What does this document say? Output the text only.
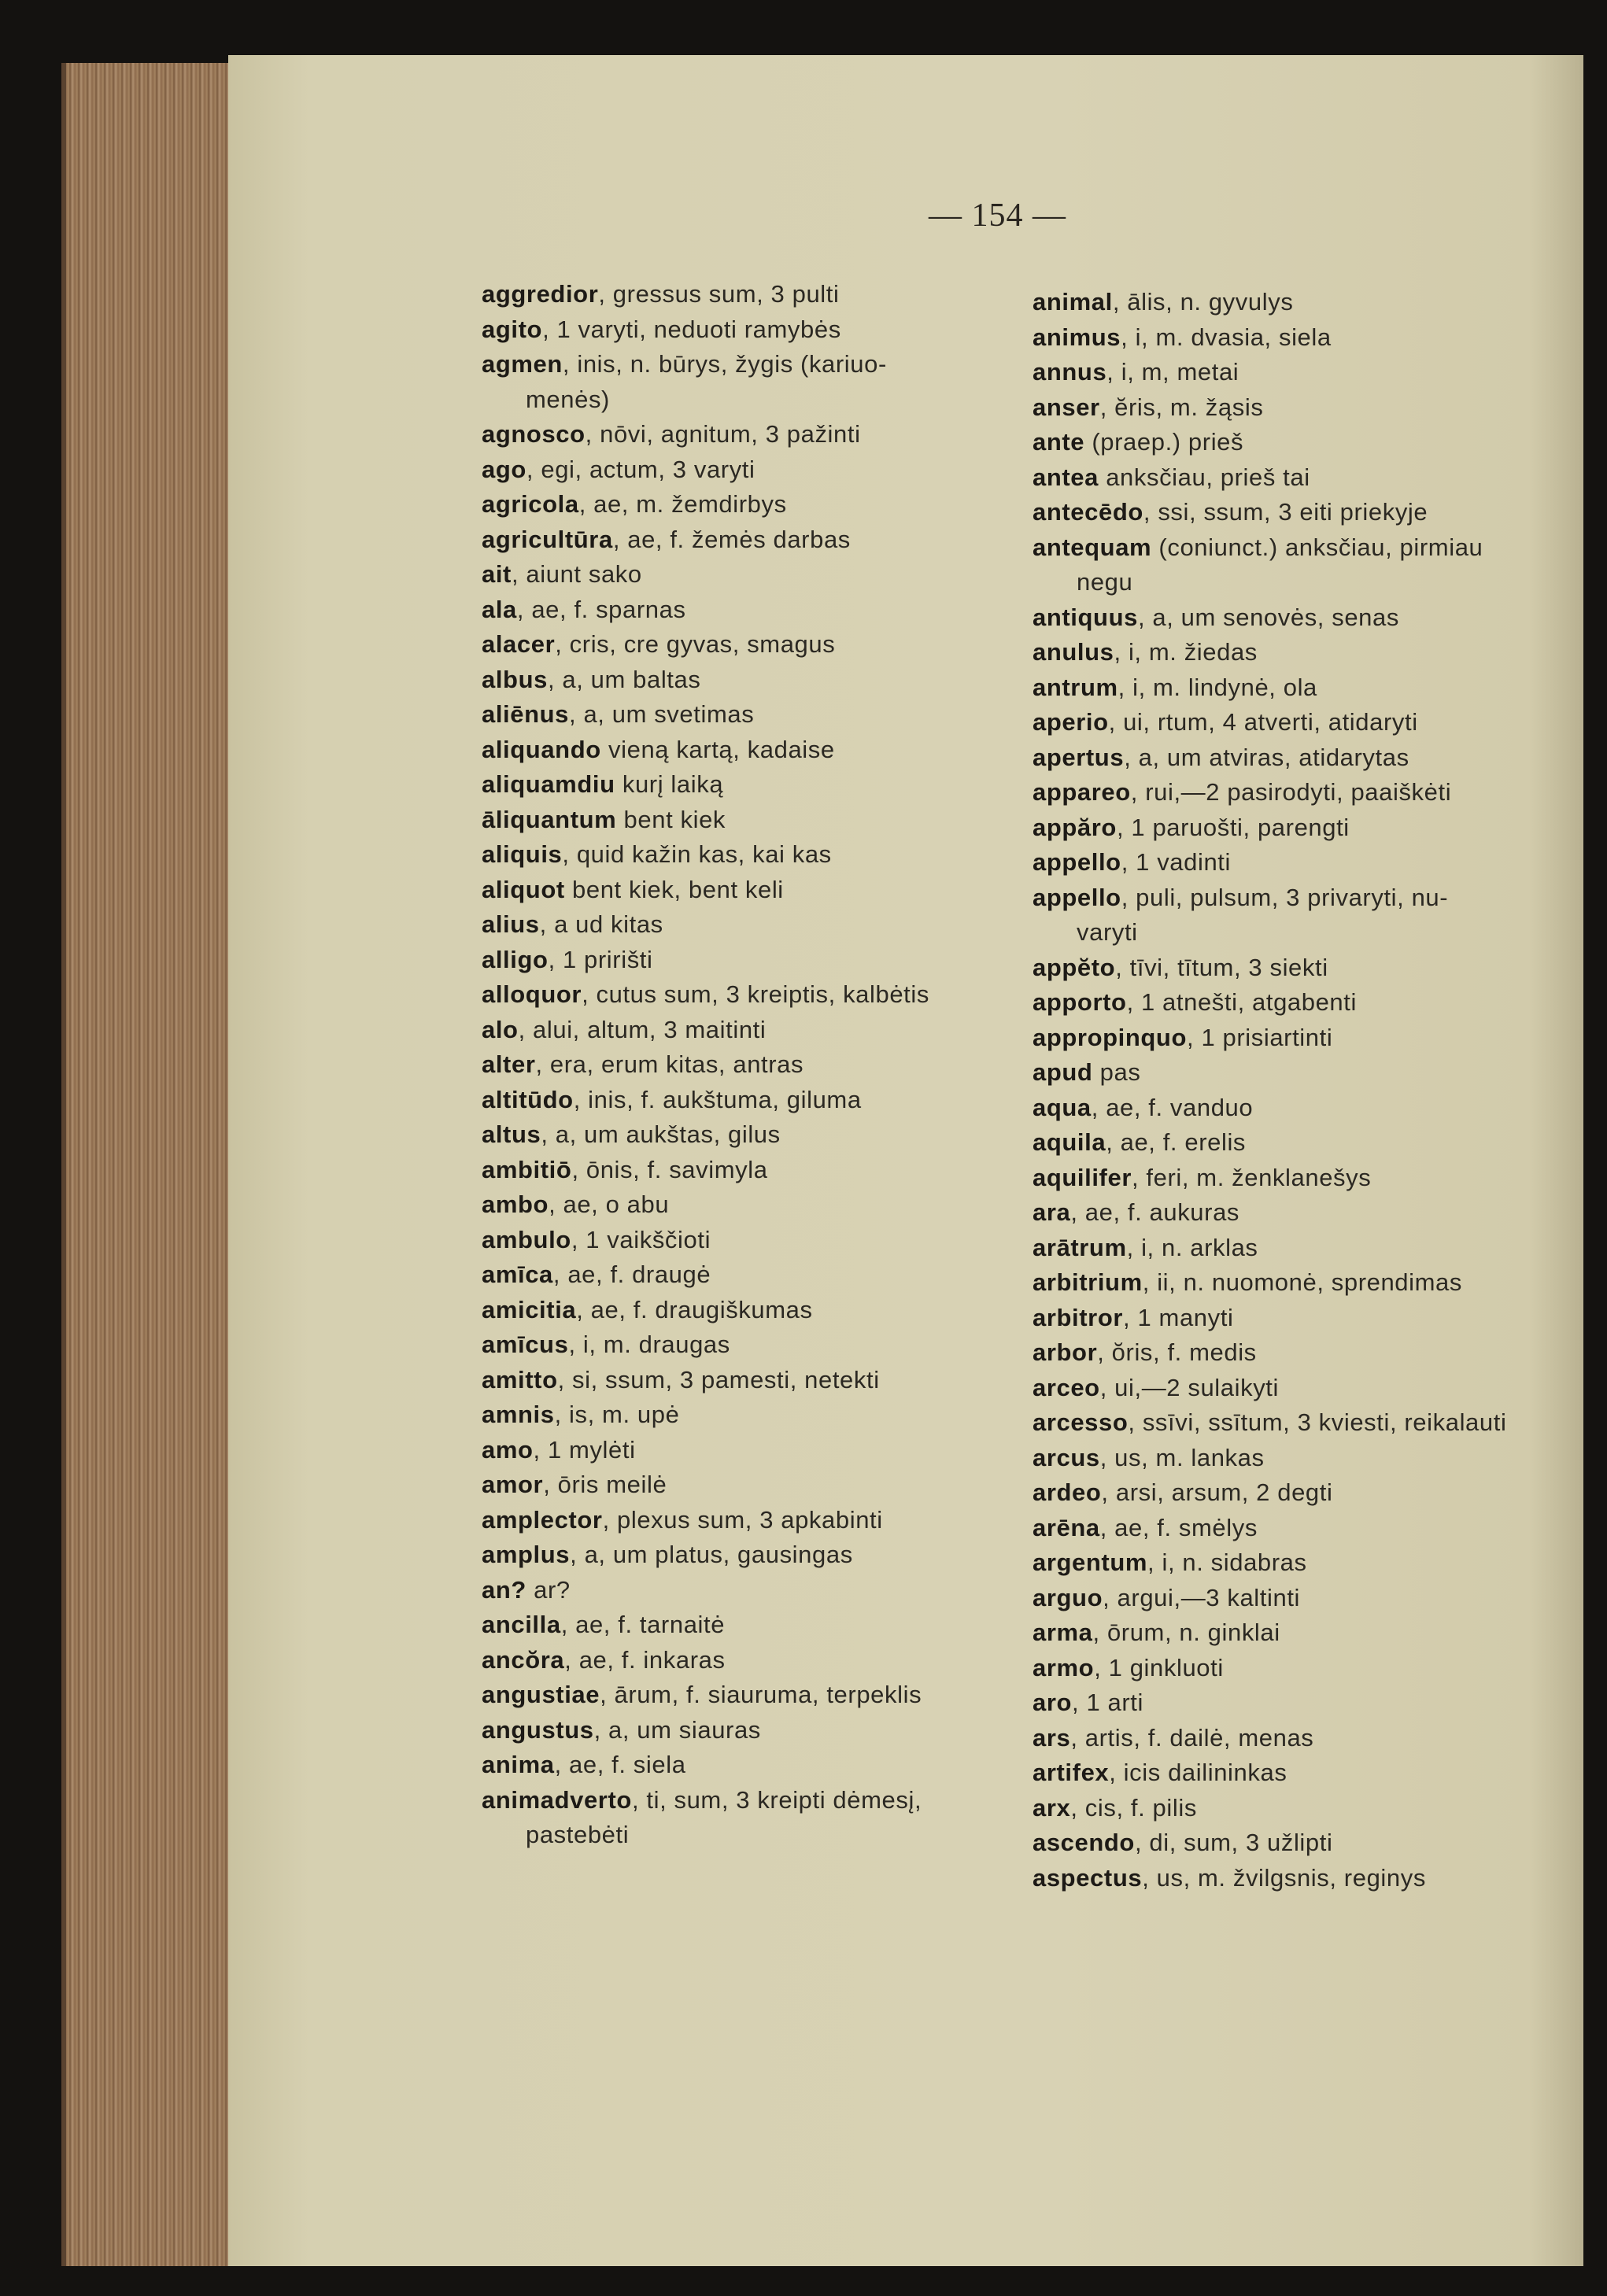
— 154 —
aggredior, gressus sum, 3 pulti
agito, 1 varyti, neduoti ramybės
agmen, inis, n. būrys, žygis (kariuo-
menės)
agnosco, nōvi, agnitum, 3 pažinti
ago, egi, actum, 3 varyti
agricola, ae, m. žemdirbys
agricultūra, ae, f. žemės darbas
ait, aiunt sako
ala, ae, f. sparnas
alacer, cris, cre gyvas, smagus
albus, a, um baltas
aliēnus, a, um svetimas
aliquando vieną kartą, kadaise
aliquamdiu kurį laiką
āliquantum bent kiek
aliquis, quid kažin kas, kai kas
aliquot bent kiek, bent keli
alius, a ud kitas
alligo, 1 pririšti
alloquor, cutus sum, 3 kreiptis, kalbėtis
alo, alui, altum, 3 maitinti
alter, era, erum kitas, antras
altitūdo, inis, f. aukštuma, giluma
altus, a, um aukštas, gilus
ambitiō, ōnis, f. savimyla
ambo, ae, o abu
ambulo, 1 vaikščioti
amīca, ae, f. draugė
amicitia, ae, f. draugiškumas
amīcus, i, m. draugas
amitto, si, ssum, 3 pamesti, netekti
amnis, is, m. upė
amo, 1 mylėti
amor, ōris meilė
amplector, plexus sum, 3 apkabinti
amplus, a, um platus, gausingas
an? ar?
ancilla, ae, f. tarnaitė
ancŏra, ae, f. inkaras
angustiae, ārum, f. siauruma, terpeklis
angustus, a, um siauras
anima, ae, f. siela
animadverto, ti, sum, 3 kreipti dėmesį,
pastebėti
animal, ālis, n. gyvulys
animus, i, m. dvasia, siela
annus, i, m, metai
anser, ĕris, m. žąsis
ante (praep.) prieš
antea anksčiau, prieš tai
antecēdo, ssi, ssum, 3 eiti priekyje
antequam (coniunct.) anksčiau, pirmiau
negu
antiquus, a, um senovės, senas
anulus, i, m. žiedas
antrum, i, m. lindynė, ola
aperio, ui, rtum, 4 atverti, atidaryti
apertus, a, um atviras, atidarytas
appareo, rui,—2 pasirodyti, paaiškėti
appăro, 1 paruošti, parengti
appello, 1 vadinti
appello, puli, pulsum, 3 privaryti, nu-
varyti
appĕto, tīvi, tītum, 3 siekti
apporto, 1 atnešti, atgabenti
appropinquo, 1 prisiartinti
apud pas
aqua, ae, f. vanduo
aquila, ae, f. erelis
aquilifer, feri, m. ženklanešys
ara, ae, f. aukuras
arātrum, i, n. arklas
arbitrium, ii, n. nuomonė, sprendimas
arbitror, 1 manyti
arbor, ŏris, f. medis
arceo, ui,—2 sulaikyti
arcesso, ssīvi, ssītum, 3 kviesti, reikalauti
arcus, us, m. lankas
ardeo, arsi, arsum, 2 degti
arēna, ae, f. smėlys
argentum, i, n. sidabras
arguo, argui,—3 kaltinti
arma, ōrum, n. ginklai
armo, 1 ginkluoti
aro, 1 arti
ars, artis, f. dailė, menas
artifex, icis dailininkas
arx, cis, f. pilis
ascendo, di, sum, 3 užlipti
aspectus, us, m. žvilgsnis, reginys
